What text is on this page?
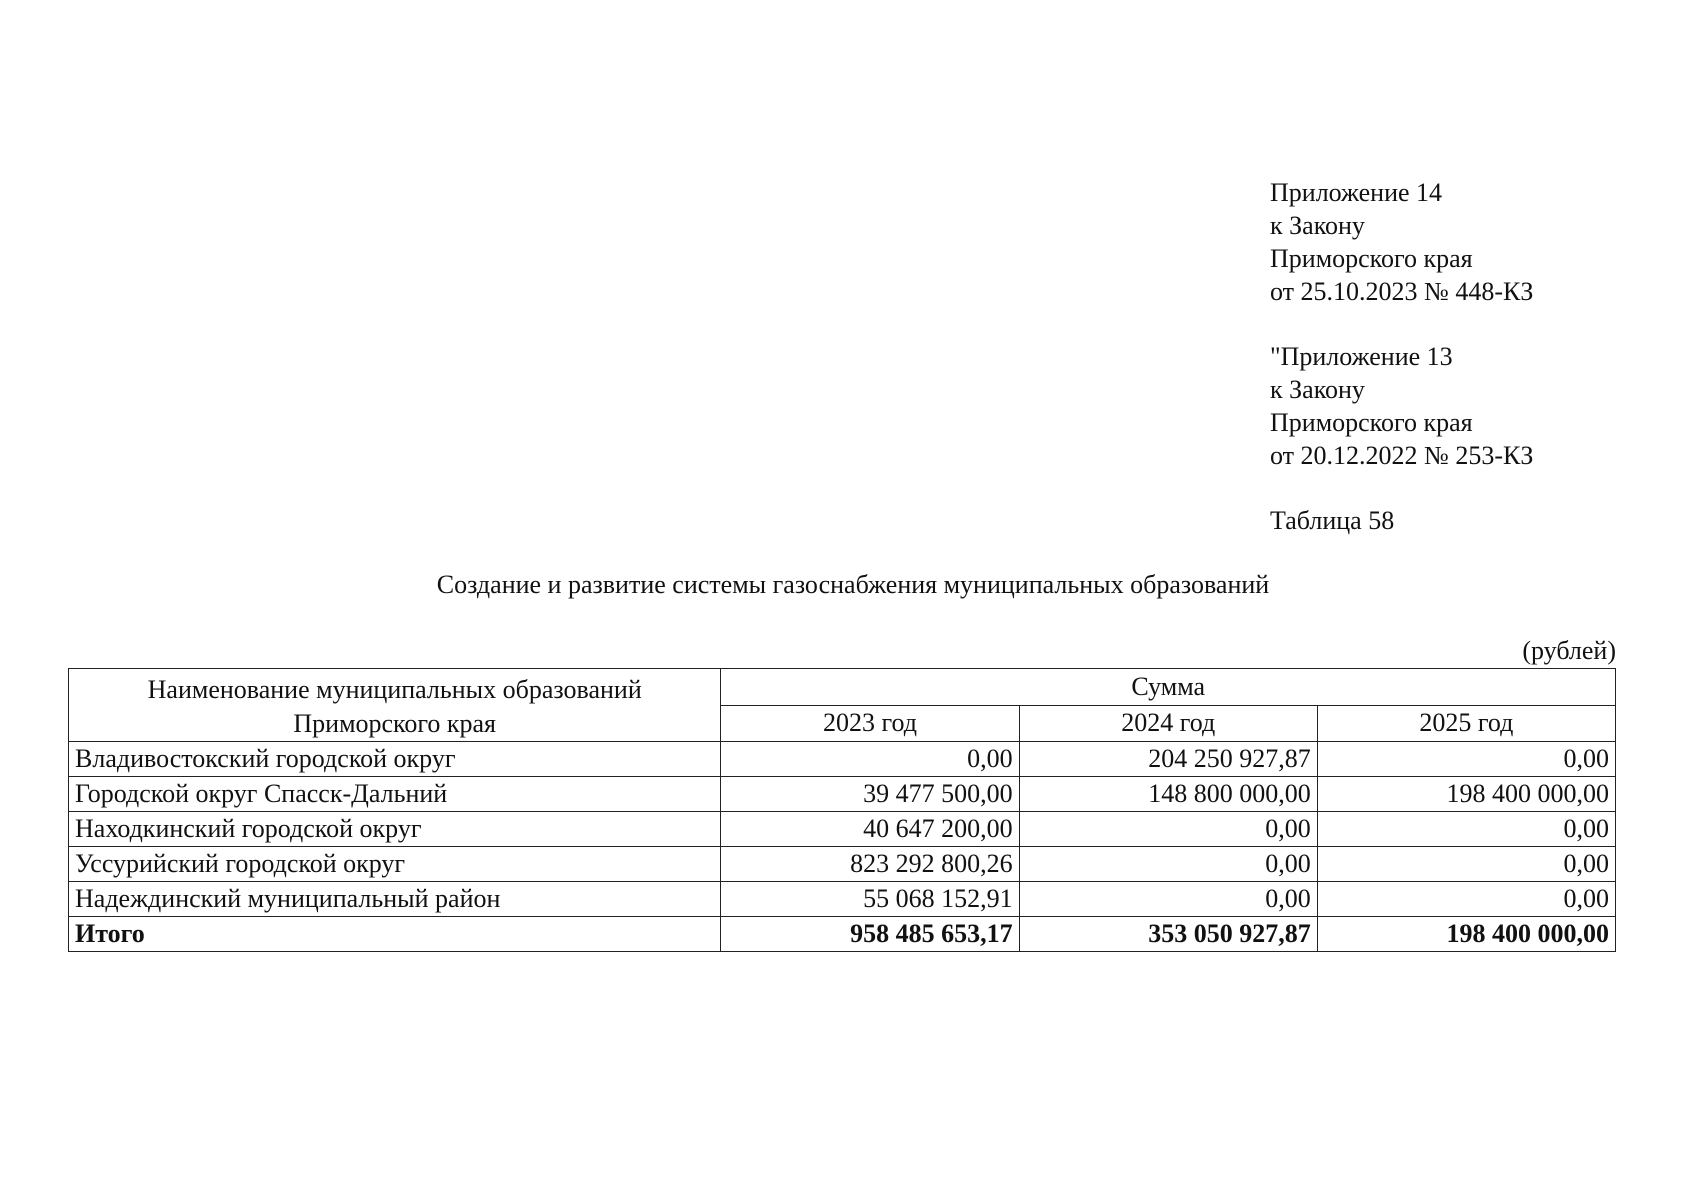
Приложение 14
к Закону
Приморского края
от 25.10.2023 № 448-КЗ
"Приложение 13
к Закону
Приморского края
от 20.12.2022 № 253-КЗ
Таблица 58
Создание и развитие системы газоснабжения муниципальных образований
(рублей)
Наименование муниципальных образований
Приморского края	Сумма		
	2023 год	2024 год	2025 год
Владивостокский городской округ	0,00	204 250 927,87	0,00
Городской округ Спасск-Дальний	39 477 500,00	148 800 000,00	198 400 000,00
Находкинский городской округ	40 647 200,00	0,00	0,00
Уссурийский городской округ	823 292 800,26	0,00	0,00
Надеждинский муниципальный район	55 068 152,91	0,00	0,00
Итого	958 485 653,17	353 050 927,87	198 400 000,00
